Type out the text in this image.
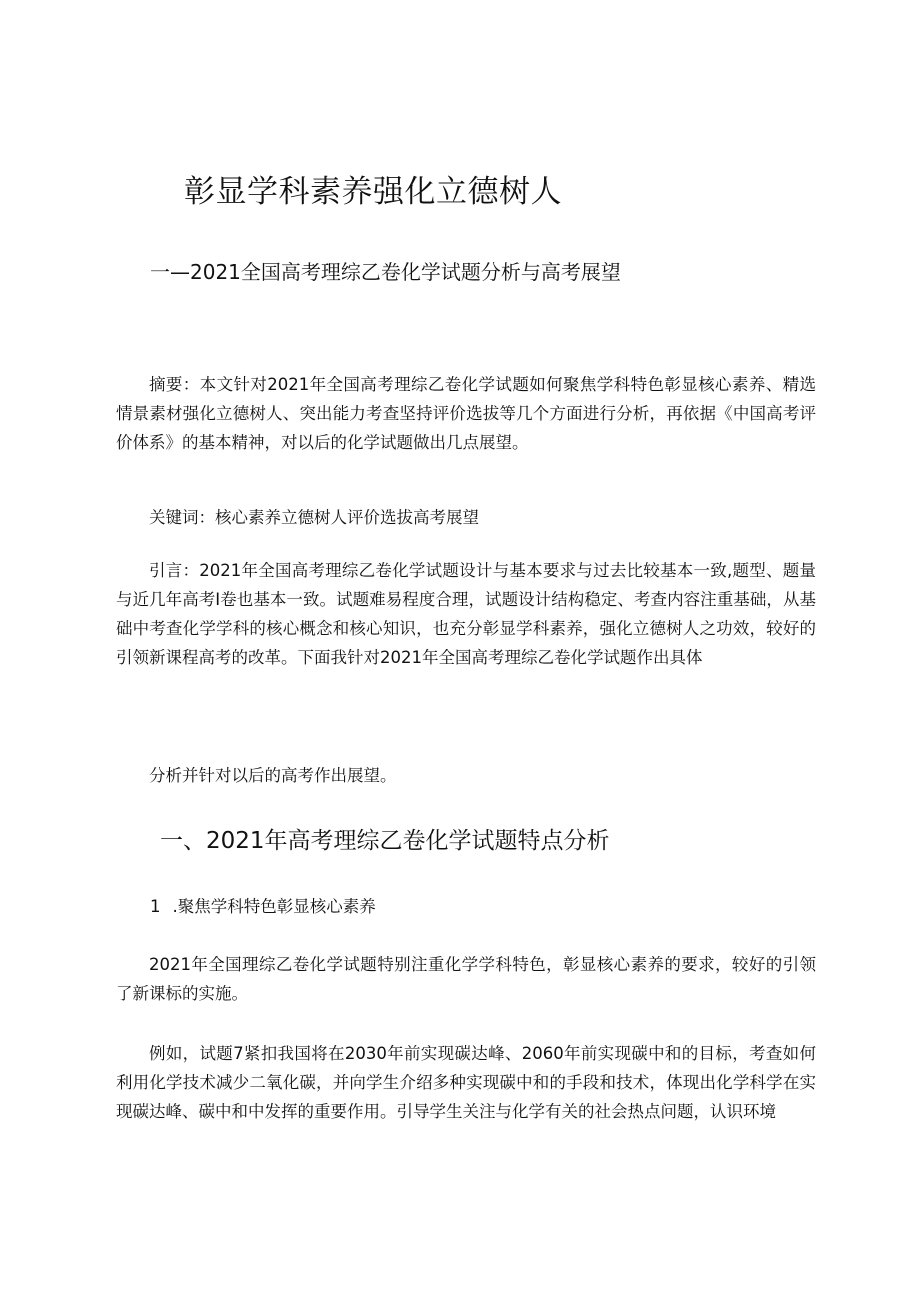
彰显学科素养强化立德树人
一—2021全国高考理综乙卷化学试题分析与高考展望

摘要：本文针对2021年全国高考理综乙卷化学试题如何聚焦学科特色彰显核心素养、精选情景素材强化立德树人、突出能力考查坚持评价选拔等几个方面进行分析，再依据《中国高考评价体系》的基本精神，对以后的化学试题做出几点展望。

关键词：核心素养立德树人评价选拔高考展望

引言：2021年全国高考理综乙卷化学试题设计与基本要求与过去比较基本一致,题型、题量与近几年高考I卷也基本一致。试题难易程度合理，试题设计结构稳定、考查内容注重基础，从基础中考查化学学科的核心概念和核心知识，也充分彰显学科素养，强化立德树人之功效，较好的引领新课程高考的改革。下面我针对2021年全国高考理综乙卷化学试题作出具体

分析并针对以后的高考作出展望。

一、2021年高考理综乙卷化学试题特点分析

1 .聚焦学科特色彰显核心素养

2021年全国理综乙卷化学试题特别注重化学学科特色，彰显核心素养的要求，较好的引领了新课标的实施。

例如，试题7紧扣我国将在2030年前实现碳达峰、2060年前实现碳中和的目标，考查如何利用化学技术减少二氧化碳，并向学生介绍多种实现碳中和的手段和技术，体现出化学科学在实现碳达峰、碳中和中发挥的重要作用。引导学生关注与化学有关的社会热点问题，认识环境
